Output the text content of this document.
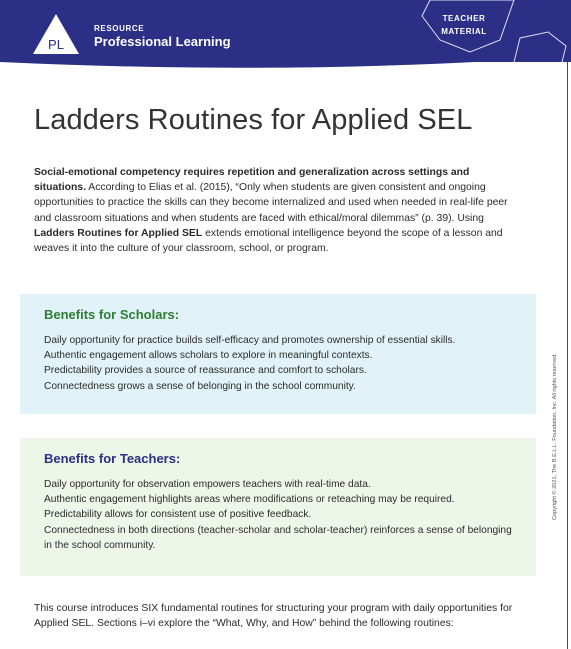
PL
RESOURCE
Professional Learning
TEACHER
MATERIAL
Ladders Routines for Applied SEL

Social-emotional competency requires repetition and generalization across settings and situations. According to Elias et al. (2015), “Only when students are given consistent and ongoing opportunities to practice the skills can they become internalized and used when needed in real-life peer and classroom situations and when students are faced with ethical/moral dilemmas” (p. 39). Using Ladders Routines for Applied SEL extends emotional intelligence beyond the scope of a lesson and weaves it into the culture of your classroom, school, or program.

Benefits for Scholars:
Daily opportunity for practice builds self-efficacy and promotes ownership of essential skills.
Authentic engagement allows scholars to explore in meaningful contexts.
Predictability provides a source of reassurance and comfort to scholars.
Connectedness grows a sense of belonging in the school community.
Benefits for Teachers:
Daily opportunity for observation empowers teachers with real-time data.
Authentic engagement highlights areas where modifications or reteaching may be required.
Predictability allows for consistent use of positive feedback.
Connectedness in both directions (teacher-scholar and scholar-teacher) reinforces a sense of belonging in the school community.

This course introduces SIX fundamental routines for structuring your program with daily opportunities for Applied SEL. Sections i–vi explore the “What, Why, and How” behind the following routines:

Copyright © 2021, The B.E.L.L. Foundation, Inc. All rights reserved.
